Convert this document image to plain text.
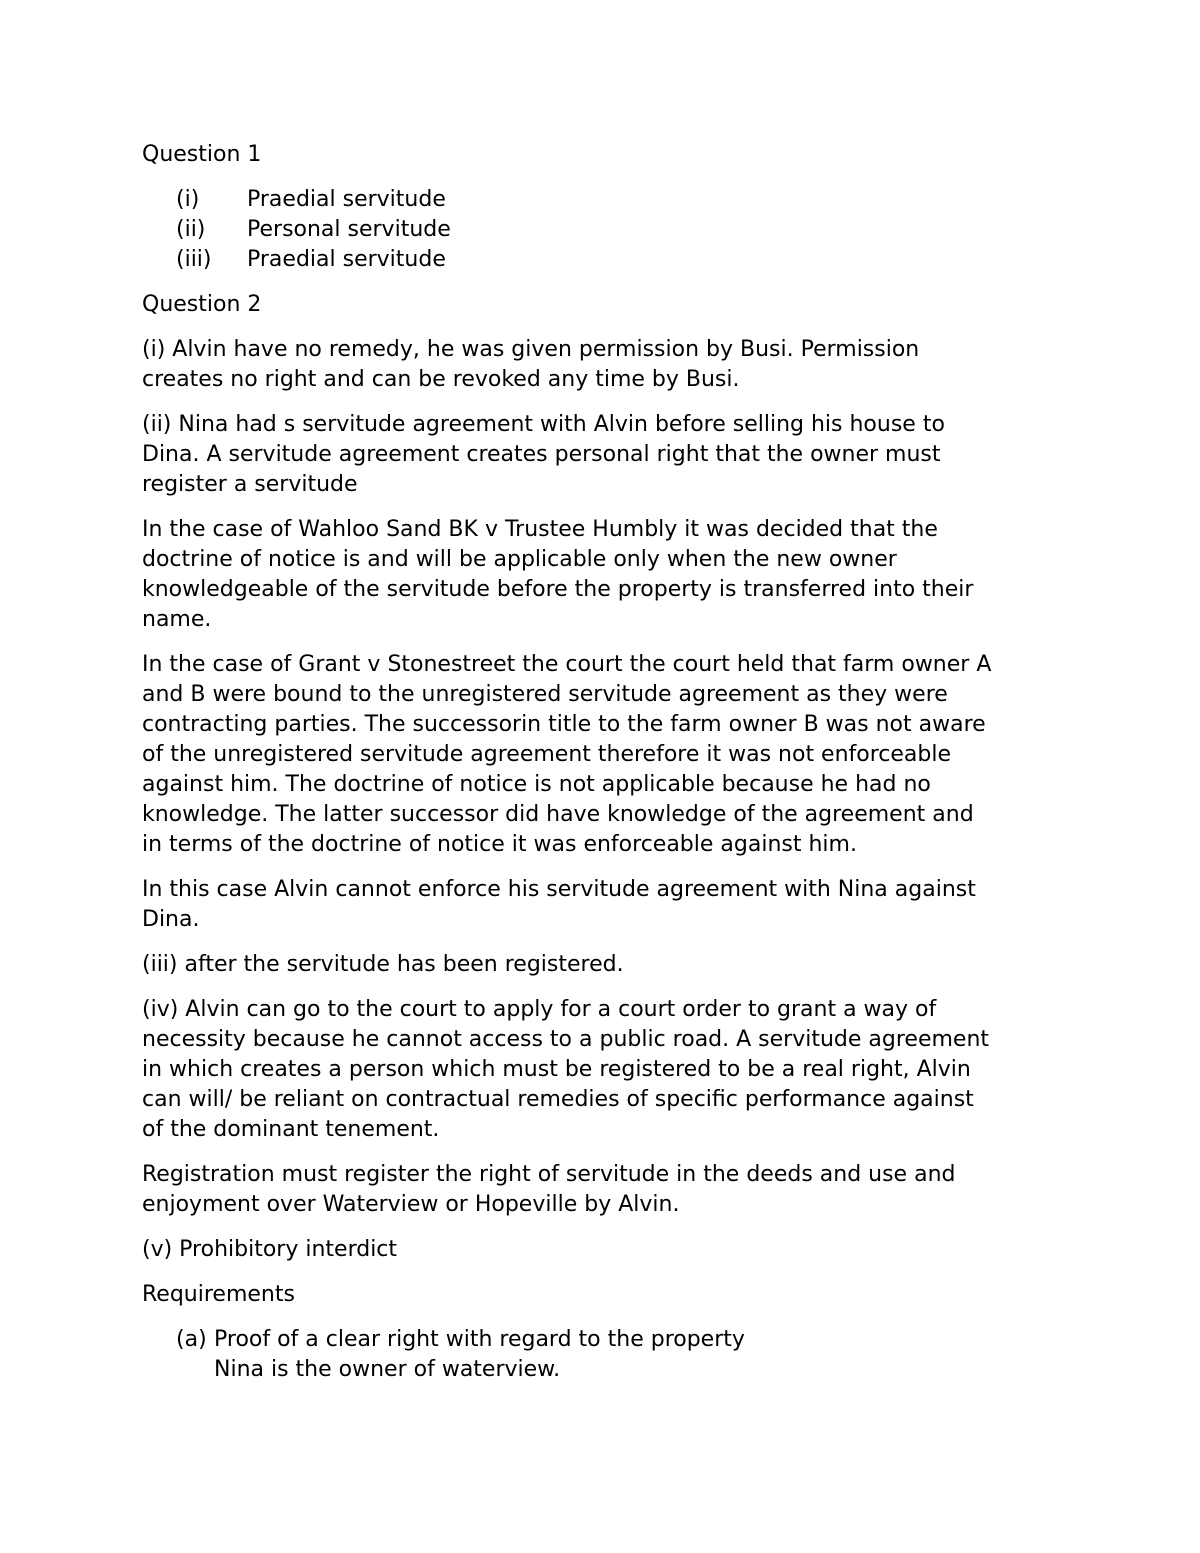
Question 1

(i)	Praedial servitude
(ii)	Personal servitude
(iii)	Praedial servitude

Question 2

(i) Alvin have no remedy, he was given permission by Busi. Permission
creates no right and can be revoked any time by Busi.

(ii) Nina had s servitude agreement with Alvin before selling his house to
Dina. A servitude agreement creates personal right that the owner must
register a servitude

In the case of Wahloo Sand BK v Trustee Humbly it was decided that the
doctrine of notice is and will be applicable only when the new owner
knowledgeable of the servitude before the property is transferred into their
name.

In the case of Grant v Stonestreet the court the court held that farm owner A
and B were bound to the unregistered servitude agreement as they were
contracting parties. The successorin title to the farm owner B was not aware
of the unregistered servitude agreement therefore it was not enforceable
against him. The doctrine of notice is not applicable because he had no
knowledge. The latter successor did have knowledge of the agreement and
in terms of the doctrine of notice it was enforceable against him.

In this case Alvin cannot enforce his servitude agreement with Nina against
Dina.

(iii) after the servitude has been registered.

(iv) Alvin can go to the court to apply for a court order to grant a way of
necessity because he cannot access to a public road. A servitude agreement
in which creates a person which must be registered to be a real right, Alvin
can will/ be reliant on contractual remedies of specific performance against
of the dominant tenement.

Registration must register the right of servitude in the deeds and use and
enjoyment over Waterview or Hopeville by Alvin.

(v) Prohibitory interdict

Requirements

(a) Proof of a clear right with regard to the property
Nina is the owner of waterview.
